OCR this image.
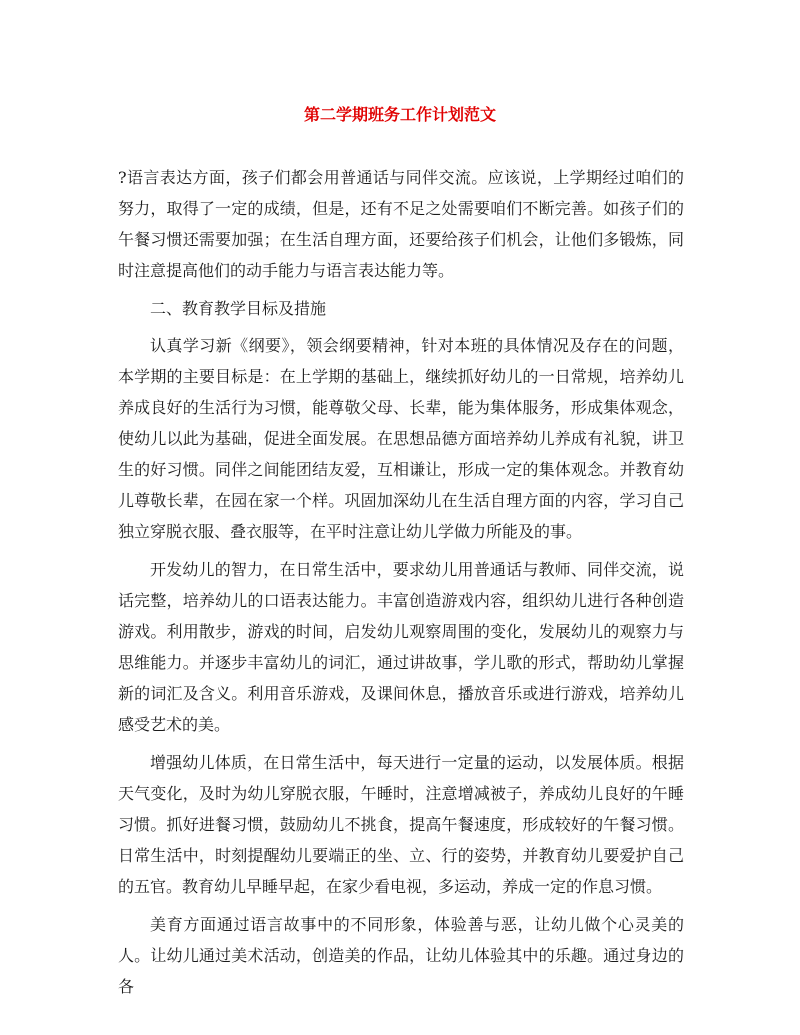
第二学期班务工作计划范文

?语言表达方面，孩子们都会用普通话与同伴交流。应该说，上学期经过咱们的努力，取得了一定的成绩，但是，还有不足之处需要咱们不断完善。如孩子们的午餐习惯还需要加强；在生活自理方面，还要给孩子们机会，让他们多锻炼，同时注意提高他们的动手能力与语言表达能力等。

二、教育教学目标及措施

认真学习新《纲要》，领会纲要精神，针对本班的具体情况及存在的问题，本学期的主要目标是：在上学期的基础上，继续抓好幼儿的一日常规，培养幼儿养成良好的生活行为习惯，能尊敬父母、长辈，能为集体服务，形成集体观念，使幼儿以此为基础，促进全面发展。在思想品德方面培养幼儿养成有礼貌，讲卫生的好习惯。同伴之间能团结友爱，互相谦让，形成一定的集体观念。并教育幼儿尊敬长辈，在园在家一个样。巩固加深幼儿在生活自理方面的内容，学习自己独立穿脱衣服、叠衣服等，在平时注意让幼儿学做力所能及的事。

开发幼儿的智力，在日常生活中，要求幼儿用普通话与教师、同伴交流，说话完整，培养幼儿的口语表达能力。丰富创造游戏内容，组织幼儿进行各种创造游戏。利用散步，游戏的时间，启发幼儿观察周围的变化，发展幼儿的观察力与思维能力。并逐步丰富幼儿的词汇，通过讲故事，学儿歌的形式，帮助幼儿掌握新的词汇及含义。利用音乐游戏，及课间休息，播放音乐或进行游戏，培养幼儿感受艺术的美。

增强幼儿体质，在日常生活中，每天进行一定量的运动，以发展体质。根据天气变化，及时为幼儿穿脱衣服，午睡时，注意增减被子，养成幼儿良好的午睡习惯。抓好进餐习惯，鼓励幼儿不挑食，提高午餐速度，形成较好的午餐习惯。日常生活中，时刻提醒幼儿要端正的坐、立、行的姿势，并教育幼儿要爱护自己的五官。教育幼儿早睡早起，在家少看电视，多运动，养成一定的作息习惯。

美育方面通过语言故事中的不同形象，体验善与恶，让幼儿做个心灵美的人。让幼儿通过美术活动，创造美的作品，让幼儿体验其中的乐趣。通过身边的各
